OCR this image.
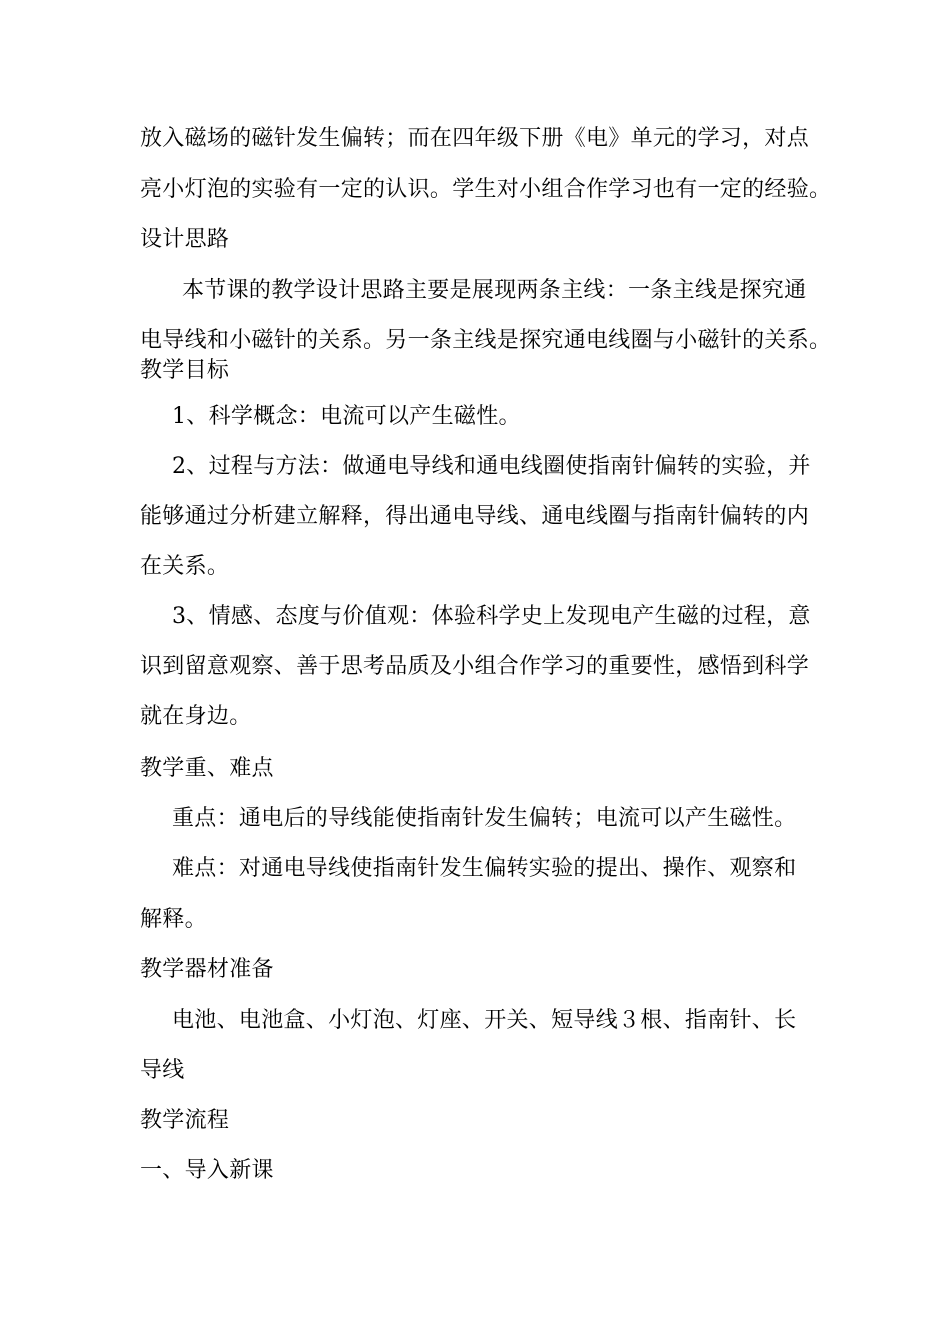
放入磁场的磁针发生偏转；而在四年级下册《电》单元的学习，对点
亮小灯泡的实验有一定的认识。学生对小组合作学习也有一定的经验。
设计思路
本节课的教学设计思路主要是展现两条主线：一条主线是探究通
电导线和小磁针的关系。另一条主线是探究通电线圈与小磁针的关系。
教学目标
1、科学概念：电流可以产生磁性。
2、过程与方法：做通电导线和通电线圈使指南针偏转的实验，并
能够通过分析建立解释，得出通电导线、通电线圈与指南针偏转的内
在关系。
3、情感、态度与价值观：体验科学史上发现电产生磁的过程，意
识到留意观察、善于思考品质及小组合作学习的重要性，感悟到科学
就在身边。
教学重、难点
重点：通电后的导线能使指南针发生偏转；电流可以产生磁性。
难点：对通电导线使指南针发生偏转实验的提出、操作、观察和
解释。
教学器材准备
电池、电池盒、小灯泡、灯座、开关、短导线３根、指南针、长
导线
教学流程
一、导入新课
